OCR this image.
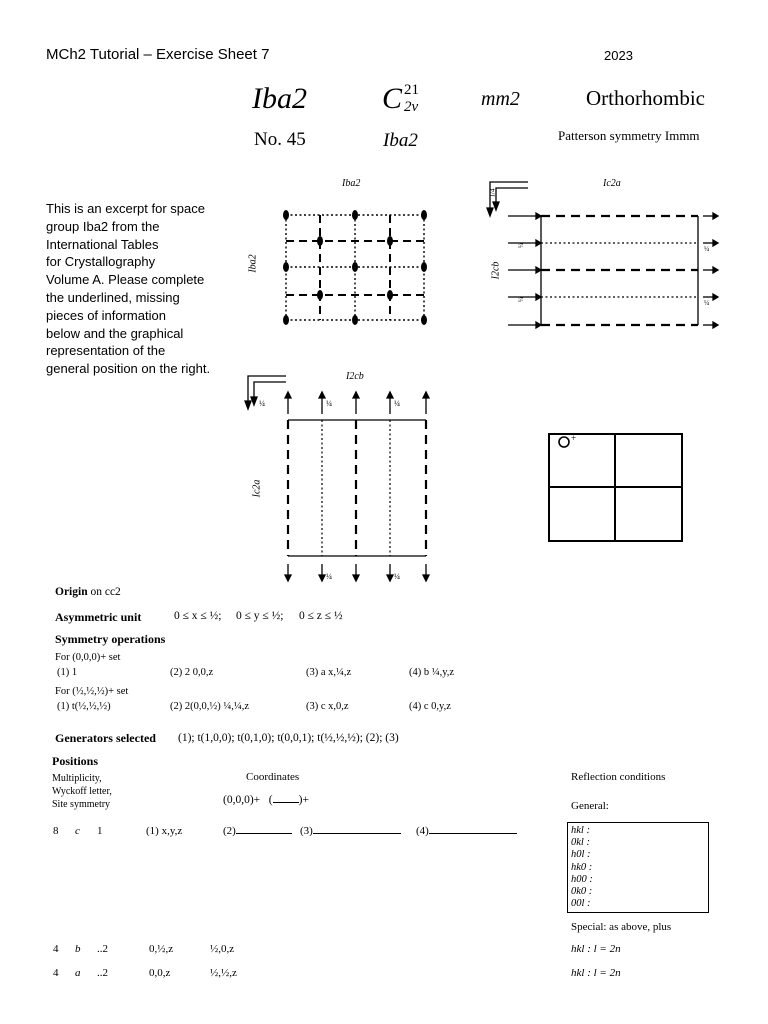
MCh2 Tutorial – Exercise Sheet 7	2023
Iba2	C 21
2v	mm2	Orthorhombic
No. 45	Iba2	Patterson symmetry Immm
This is an excerpt for space
group Iba2 from the
International Tables
for Crystallography
Volume A. Please complete
the underlined, missing
pieces of information
below and the graphical
representation of the
general position on the right.
Iba2
Iba2
Ic2a
I2cb
¼
¼
¼
¼
1/4
I2cb
Ic2a
¼	¼	¼
¼	¼
+
Origin on cc2
Asymmetric unit	0 ≤ x ≤ ½; 0 ≤ y ≤ ½; 0 ≤ z ≤ ½
Symmetry operations
For (0,0,0)+ set
(1) 1	(2) 2 0,0,z	(3) a x,¼,z	(4) b ¼,y,z
For (½,½,½)+ set
(1) t(½,½,½)	(2) 2(0,0,½) ¼,¼,z	(3) c x,0,z	(4) c 0,y,z
Generators selected (1); t(1,0,0); t(0,1,0); t(0,0,1); t(½,½,½); (2); (3)
Positions
Multiplicity,
Wyckoff letter,
Site symmetry
Coordinates
(0,0,0)+ ( )+
Reflection conditions
General:
8 c 1	(1) x,y,z	(2)	(3)	(4)	hkl :
0kl :
h0l :
hk0 :
h00 :
0k0 :
00l :
Special: as above, plus
4 b ..2	0,½,z	½,0,z	hkl : l = 2n
4 a ..2	0,0,z	½,½,z	hkl : l = 2n
